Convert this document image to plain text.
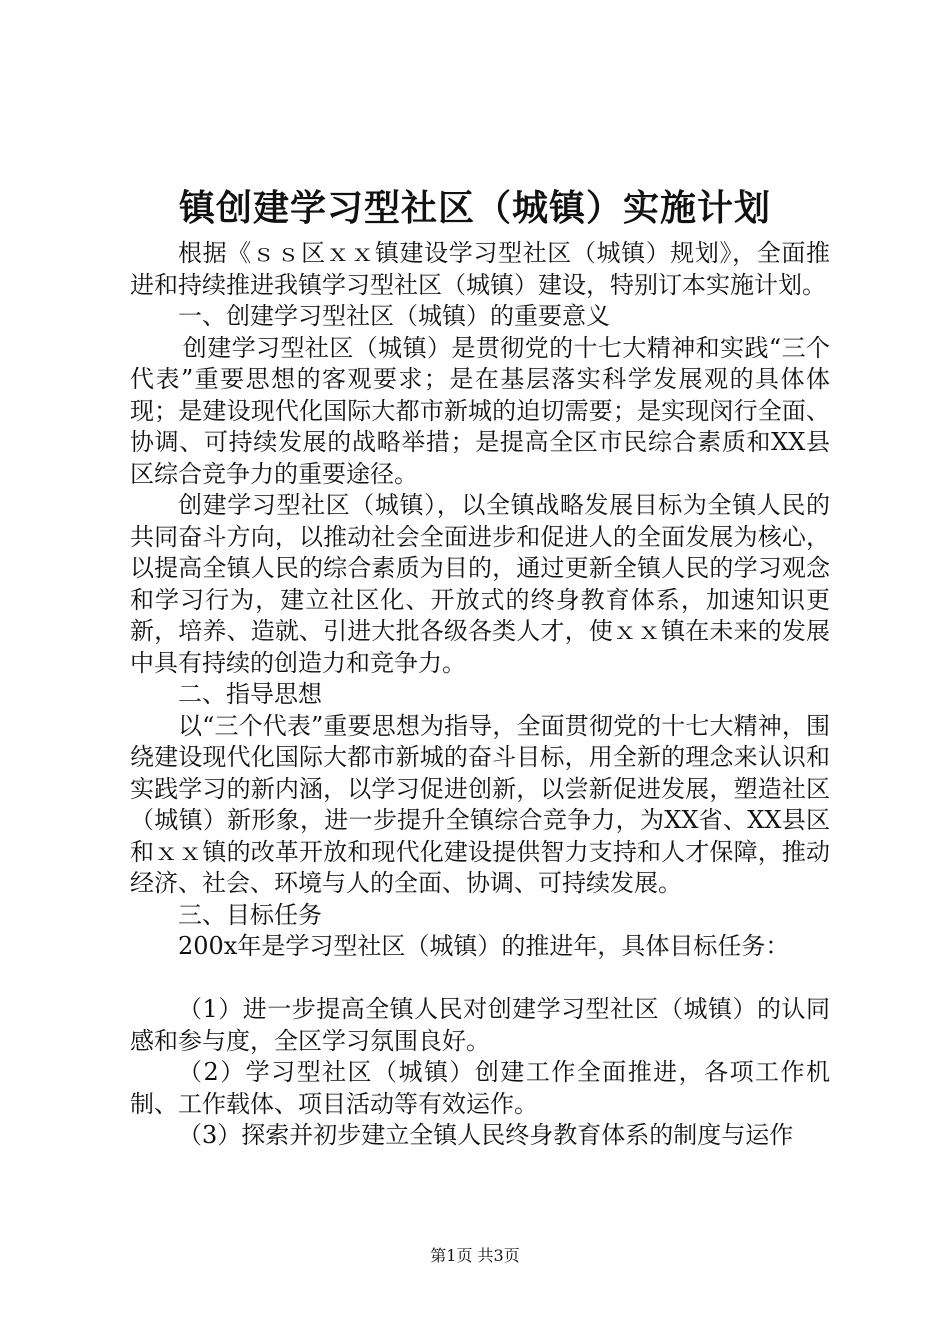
镇创建学习型社区（城镇）实施计划

根据《ｓｓ区ｘｘ镇建设学习型社区（城镇）规划》，全面推进和持续推进我镇学习型社区（城镇）建设，特别订本实施计划。

一、创建学习型社区（城镇）的重要意义

创建学习型社区（城镇）是贯彻党的十七大精神和实践“三个代表”重要思想的客观要求；是在基层落实科学发展观的具体体现；是建设现代化国际大都市新城的迫切需要；是实现闵行全面、协调、可持续发展的战略举措；是提高全区市民综合素质和XX县区综合竞争力的重要途径。

创建学习型社区（城镇），以全镇战略发展目标为全镇人民的共同奋斗方向，以推动社会全面进步和促进人的全面发展为核心，以提高全镇人民的综合素质为目的，通过更新全镇人民的学习观念和学习行为，建立社区化、开放式的终身教育体系，加速知识更新，培养、造就、引进大批各级各类人才，使ｘｘ镇在未来的发展中具有持续的创造力和竞争力。

二、指导思想

以“三个代表”重要思想为指导，全面贯彻党的十七大精神，围绕建设现代化国际大都市新城的奋斗目标，用全新的理念来认识和实践学习的新内涵，以学习促进创新，以尝新促进发展，塑造社区（城镇）新形象，进一步提升全镇综合竞争力，为XX省、XX县区和ｘｘ镇的改革开放和现代化建设提供智力支持和人才保障，推动经济、社会、环境与人的全面、协调、可持续发展。

三、目标任务

200x年是学习型社区（城镇）的推进年，具体目标任务：

（1）进一步提高全镇人民对创建学习型社区（城镇）的认同感和参与度，全区学习氛围良好。

（2）学习型社区（城镇）创建工作全面推进，各项工作机制、工作载体、项目活动等有效运作。

（3）探索并初步建立全镇人民终身教育体系的制度与运作

第1页 共3页
